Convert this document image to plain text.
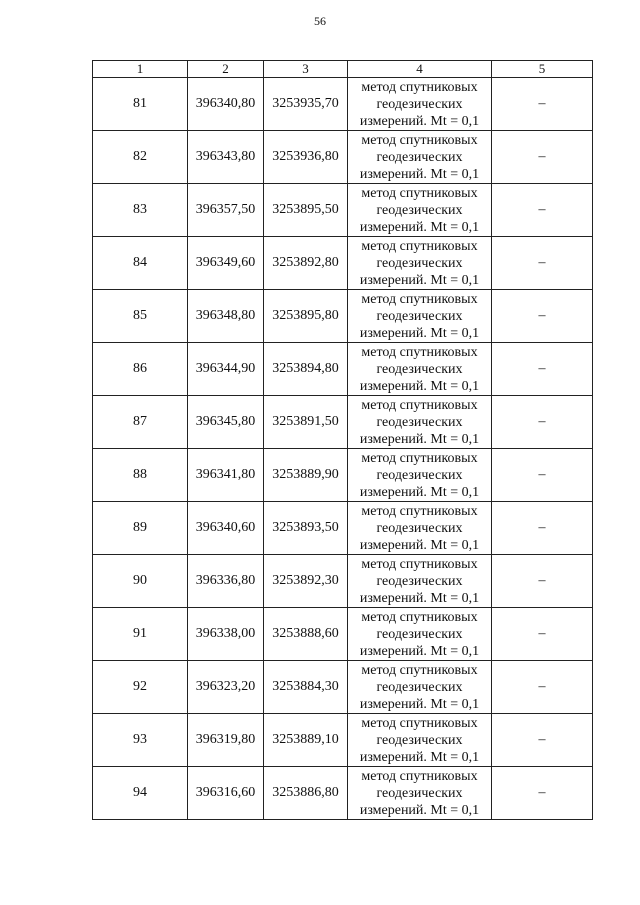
56
1	2	3	4	5
81	396340,80	3253935,70	метод спутниковых
геодезических
измерений. Mt = 0,1	–
82	396343,80	3253936,80	метод спутниковых
геодезических
измерений. Mt = 0,1	–
83	396357,50	3253895,50	метод спутниковых
геодезических
измерений. Mt = 0,1	–
84	396349,60	3253892,80	метод спутниковых
геодезических
измерений. Mt = 0,1	–
85	396348,80	3253895,80	метод спутниковых
геодезических
измерений. Mt = 0,1	–
86	396344,90	3253894,80	метод спутниковых
геодезических
измерений. Mt = 0,1	–
87	396345,80	3253891,50	метод спутниковых
геодезических
измерений. Mt = 0,1	–
88	396341,80	3253889,90	метод спутниковых
геодезических
измерений. Mt = 0,1	–
89	396340,60	3253893,50	метод спутниковых
геодезических
измерений. Mt = 0,1	–
90	396336,80	3253892,30	метод спутниковых
геодезических
измерений. Mt = 0,1	–
91	396338,00	3253888,60	метод спутниковых
геодезических
измерений. Mt = 0,1	–
92	396323,20	3253884,30	метод спутниковых
геодезических
измерений. Mt = 0,1	–
93	396319,80	3253889,10	метод спутниковых
геодезических
измерений. Mt = 0,1	–
94	396316,60	3253886,80	метод спутниковых
геодезических
измерений. Mt = 0,1	–
